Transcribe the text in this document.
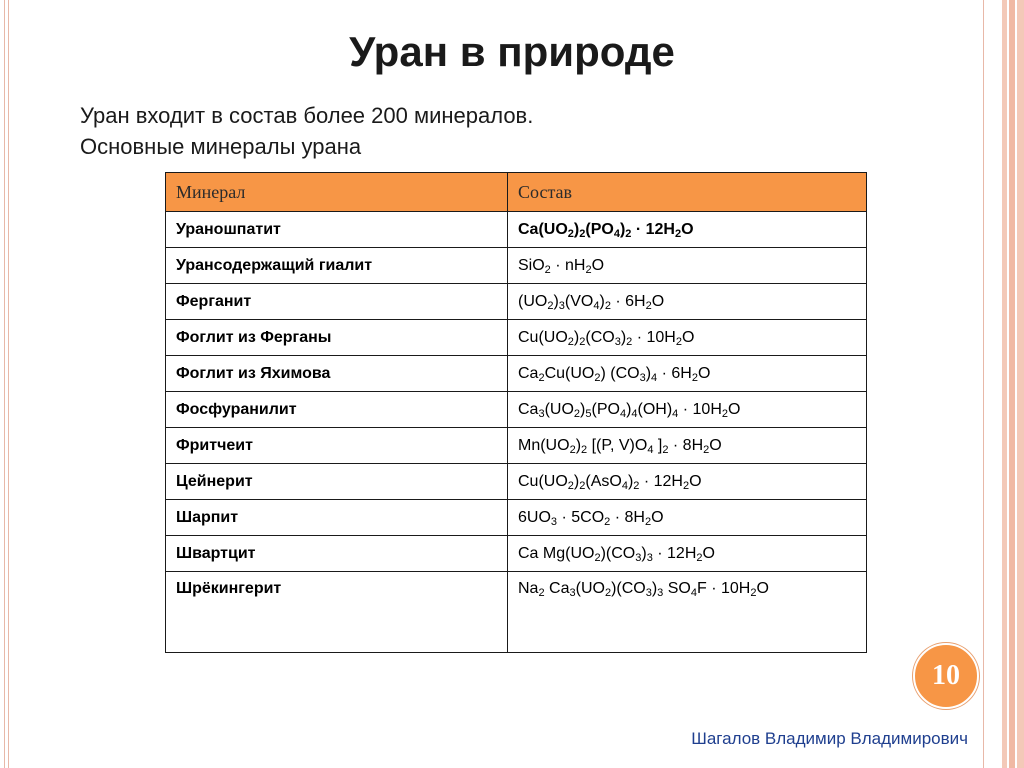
Уран в природе
Уран входит в состав более 200 минералов.
Основные минералы урана
Минерал	Состав
Ураношпатит	$Ca(UO_2)_2(PO_4)_2 \cdot 12H_2O$
Урансодержащий гиалит	$SiO_2 \cdot nH_2O$
Ферганит	$(UO_2)_3(VO_4)_2 \cdot 6H_2O$
Фоглит из Ферганы	$Cu(UO_2)_2(CO_3)_2 \cdot 10H_2O$
Фоглит из Яхимова	$Ca_2Cu(UO_2) (CO_3)_4 \cdot 6H_2O$
Фосфуранилит	$Ca_3(UO_2)_5(PO_4)_4(OH)_4 \cdot 10H_2O$
Фритчеит	$Mn(UO_2)_2$ [(P, $V)O_4$ ]$_2 \cdot 8H_2O$
Цейнерит	$Cu(UO_2)_2(AsO_4)_2 \cdot 12H_2O$
Шарпит	$6UO_3 \cdot 5CO_2 \cdot 8H_2O$
Швартцит	Ca $Mg(UO_2)(CO_3)_3 \cdot 12H_2O$
Шрёкингерит	$Na_2$ $Ca_3(UO_2)(CO_3)_3$ $SO_4F \cdot 10H_2O$
10
Шагалов Владимир Владимирович
